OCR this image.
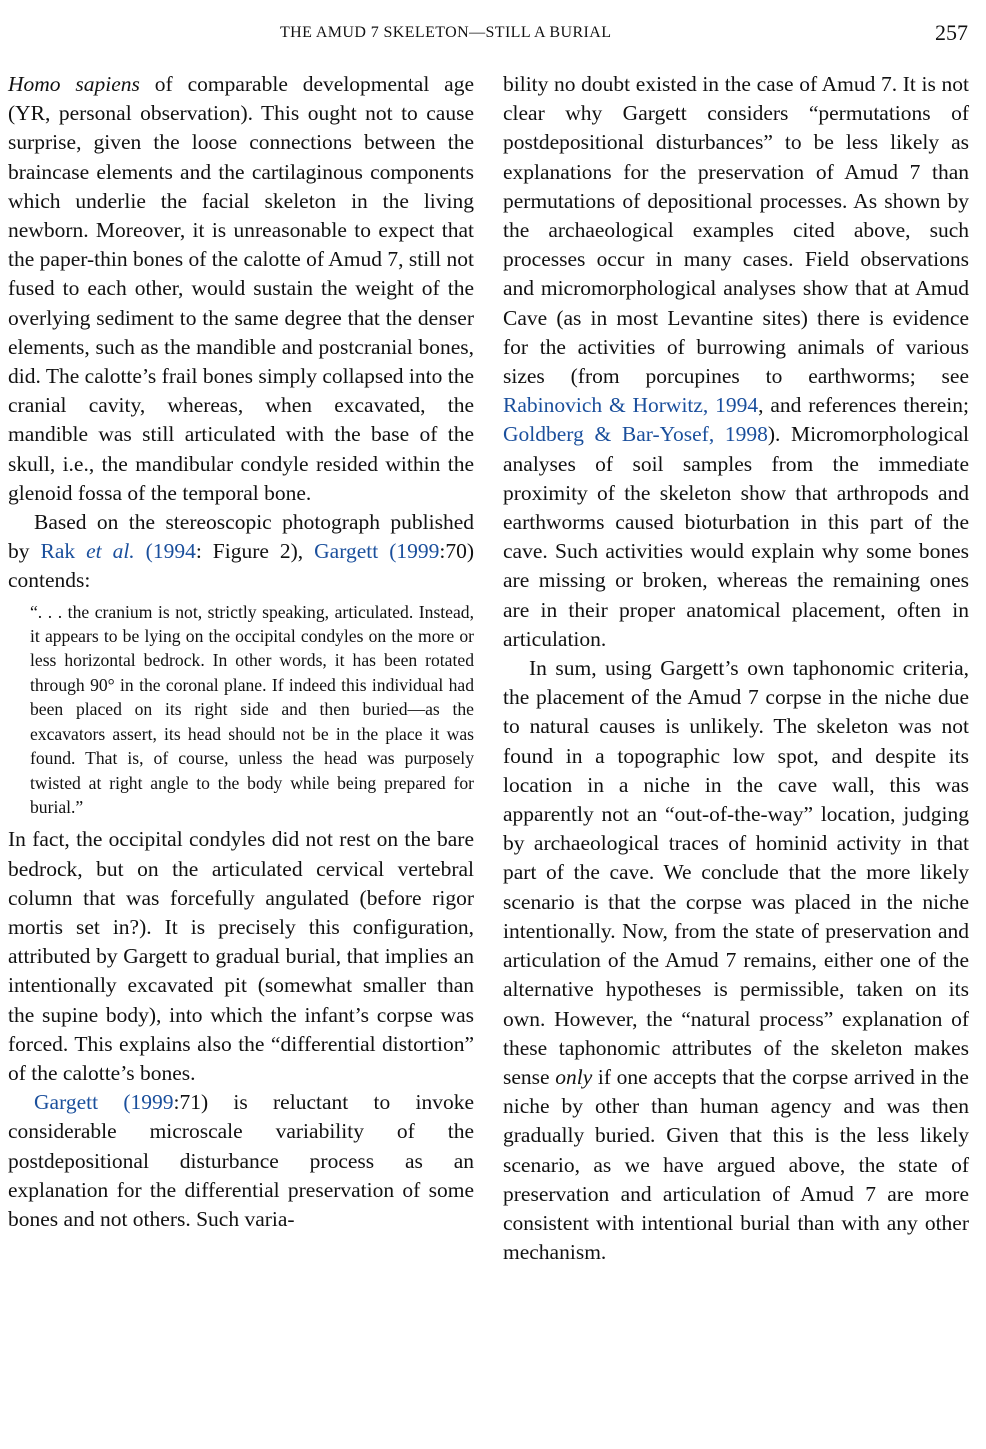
THE AMUD 7 SKELETON—STILL A BURIAL	257

Homo sapiens of comparable developmental age (YR, personal observation). This ought not to cause surprise, given the loose connections between the braincase elements and the cartilaginous components which underlie the facial skeleton in the living newborn. Moreover, it is unreasonable to expect that the paper-thin bones of the calotte of Amud 7, still not fused to each other, would sustain the weight of the overlying sediment to the same degree that the denser elements, such as the mandible and postcranial bones, did. The calotte’s frail bones simply collapsed into the cranial cavity, whereas, when excavated, the mandible was still articulated with the base of the skull, i.e., the mandibular condyle resided within the glenoid fossa of the temporal bone.

Based on the stereoscopic photograph published by Rak et al. (1994: Figure 2), Gargett (1999:70) contends:

“. . . the cranium is not, strictly speaking, articulated. Instead, it appears to be lying on the occipital condyles on the more or less horizontal bedrock. In other words, it has been rotated through 90° in the coronal plane. If indeed this individual had been placed on its right side and then buried—as the excavators assert, its head should not be in the place it was found. That is, of course, unless the head was purposely twisted at right angle to the body while being prepared for burial.”

In fact, the occipital condyles did not rest on the bare bedrock, but on the articulated cervical vertebral column that was forcefully angulated (before rigor mortis set in?). It is precisely this configuration, attributed by Gargett to gradual burial, that implies an intentionally excavated pit (somewhat smaller than the supine body), into which the infant’s corpse was forced. This explains also the “differential distortion” of the calotte’s bones.

Gargett (1999:71) is reluctant to invoke considerable microscale variability of the postdepositional disturbance process as an explanation for the differential preservation of some bones and not others. Such varia-

bility no doubt existed in the case of Amud 7. It is not clear why Gargett considers “permutations of postdepositional disturbances” to be less likely as explanations for the preservation of Amud 7 than permutations of depositional processes. As shown by the archaeological examples cited above, such processes occur in many cases. Field observations and micromorphological analyses show that at Amud Cave (as in most Levantine sites) there is evidence for the activities of burrowing animals of various sizes (from porcupines to earthworms; see Rabinovich & Horwitz, 1994, and references therein; Goldberg & Bar-Yosef, 1998). Micromorphological analyses of soil samples from the immediate proximity of the skeleton show that arthropods and earthworms caused bioturbation in this part of the cave. Such activities would explain why some bones are missing or broken, whereas the remaining ones are in their proper anatomical placement, often in articulation.

In sum, using Gargett’s own taphonomic criteria, the placement of the Amud 7 corpse in the niche due to natural causes is unlikely. The skeleton was not found in a topographic low spot, and despite its location in a niche in the cave wall, this was apparently not an “out-of-the-way” location, judging by archaeological traces of hominid activity in that part of the cave. We conclude that the more likely scenario is that the corpse was placed in the niche intentionally. Now, from the state of preservation and articulation of the Amud 7 remains, either one of the alternative hypotheses is permissible, taken on its own. However, the “natural process” explanation of these taphonomic attributes of the skeleton makes sense only if one accepts that the corpse arrived in the niche by other than human agency and was then gradually buried. Given that this is the less likely scenario, as we have argued above, the state of preservation and articulation of Amud 7 are more consistent with intentional burial than with any other mechanism.
